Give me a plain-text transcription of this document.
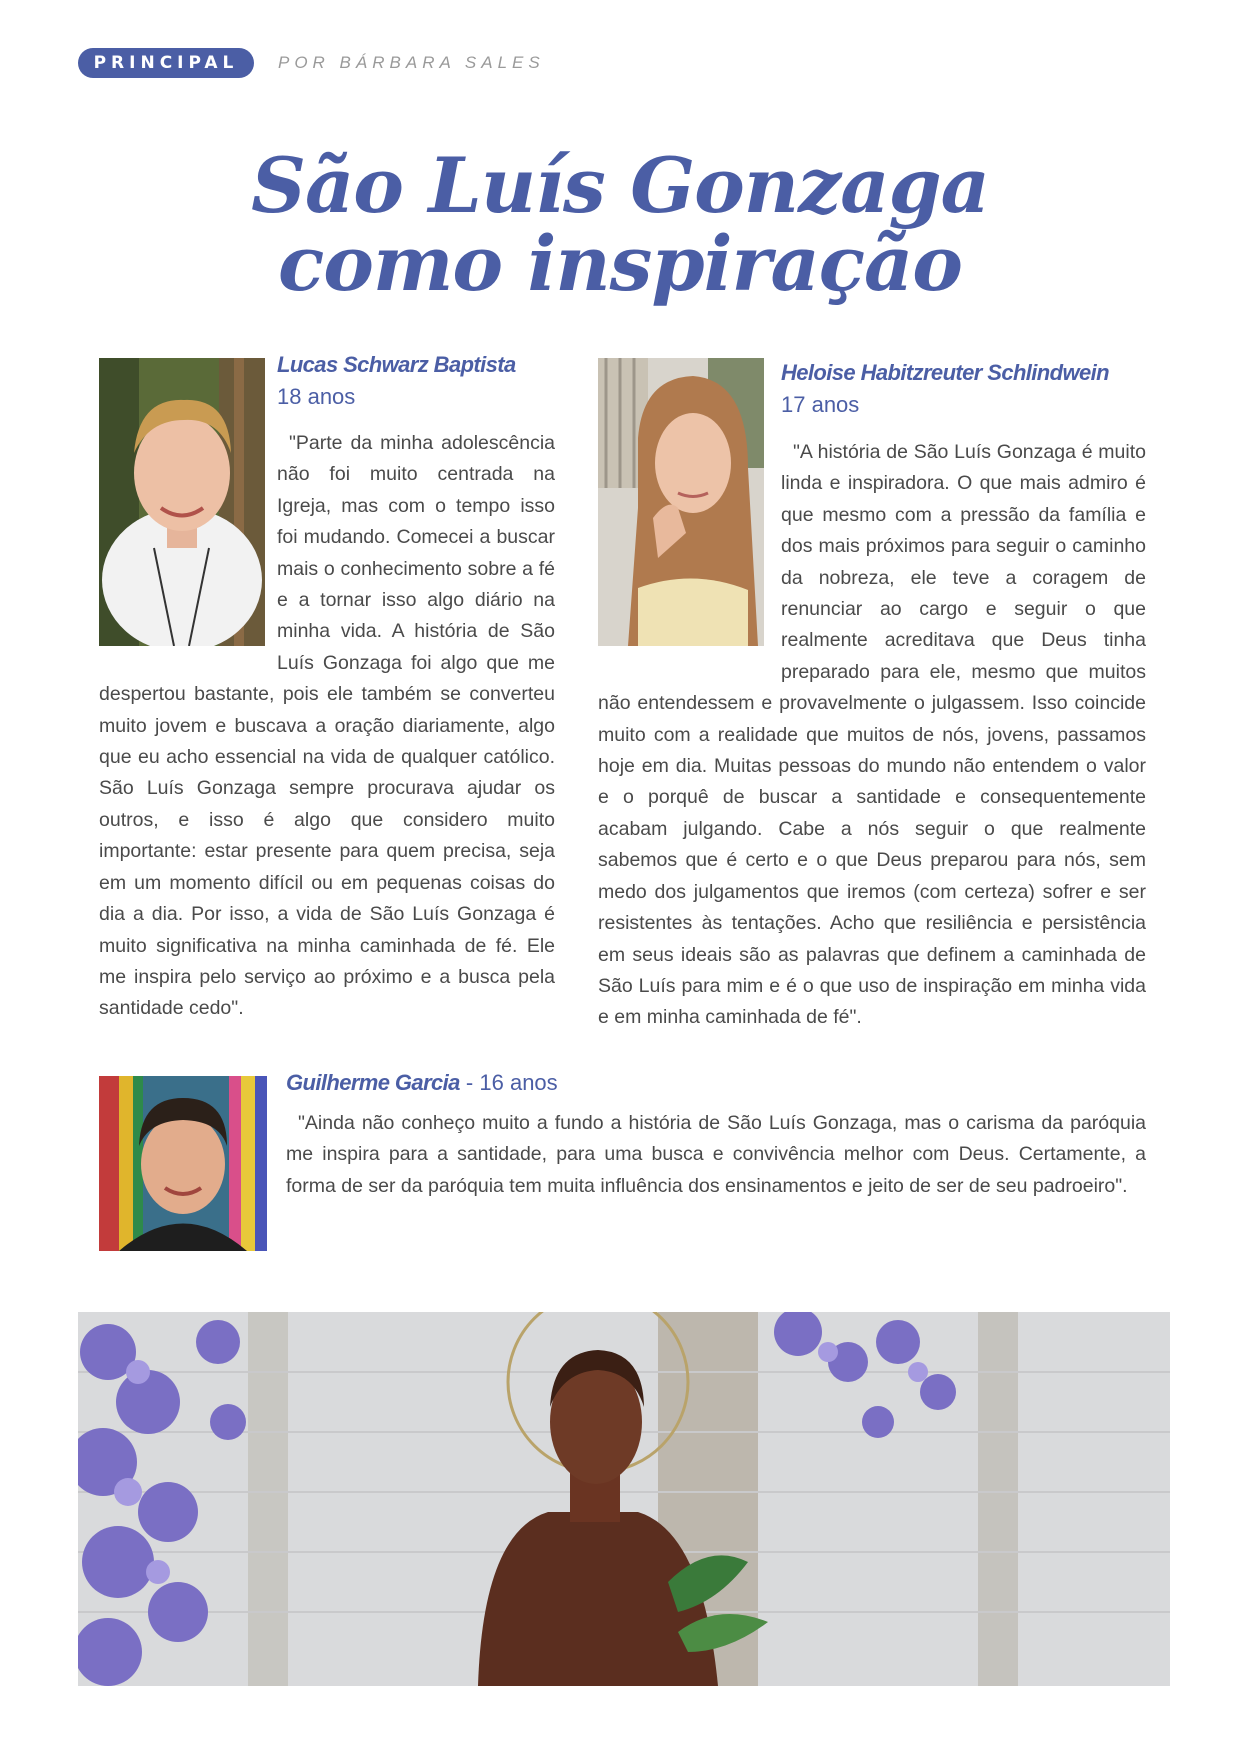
PRINCIPAL	POR BÁRBARA SALES
São Luís Gonzaga
como inspiração
Lucas Schwarz Baptista
18 anos

"Parte da minha adolescência não foi muito centrada na Igreja, mas com o tempo isso foi mudando. Comecei a buscar mais o conhecimento sobre a fé e a tornar isso algo diário na minha vida. A história de São Luís Gonzaga foi algo que me despertou bastante, pois ele também se converteu muito jovem e buscava a oração diariamente, algo que eu acho essencial na vida de qualquer católico. São Luís Gonzaga sempre procurava ajudar os outros, e isso é algo que considero muito importante: estar presente para quem precisa, seja em um momento difícil ou em pequenas coisas do dia a dia. Por isso, a vida de São Luís Gonzaga é muito significativa na minha caminhada de fé. Ele me inspira pelo serviço ao próximo e a busca pela santidade cedo".

Heloise Habitzreuter Schlindwein
17 anos

"A história de São Luís Gonzaga é muito linda e inspiradora. O que mais admiro é que mesmo com a pressão da família e dos mais próximos para seguir o caminho da nobreza, ele teve a coragem de renunciar ao cargo e seguir o que realmente acreditava que Deus tinha preparado para ele, mesmo que muitos não entendessem e provavelmente o julgassem. Isso coincide muito com a realidade que muitos de nós, jovens, passamos hoje em dia. Muitas pessoas do mundo não entendem o valor e o porquê de buscar a santidade e consequentemente acabam julgando. Cabe a nós seguir o que realmente sabemos que é certo e o que Deus preparou para nós, sem medo dos julgamentos que iremos (com certeza) sofrer e ser resistentes às tentações. Acho que resiliência e persistência em seus ideais são as palavras que definem a caminhada de São Luís para mim e é o que uso de inspiração em minha vida e em minha caminhada de fé".

Guilherme Garcia - 16 anos

"Ainda não conheço muito a fundo a história de São Luís Gonzaga, mas o carisma da paróquia me inspira para a santidade, para uma busca e convivência melhor com Deus. Certamente, a forma de ser da paróquia tem muita influência dos ensinamentos e jeito de ser de seu padroeiro".
